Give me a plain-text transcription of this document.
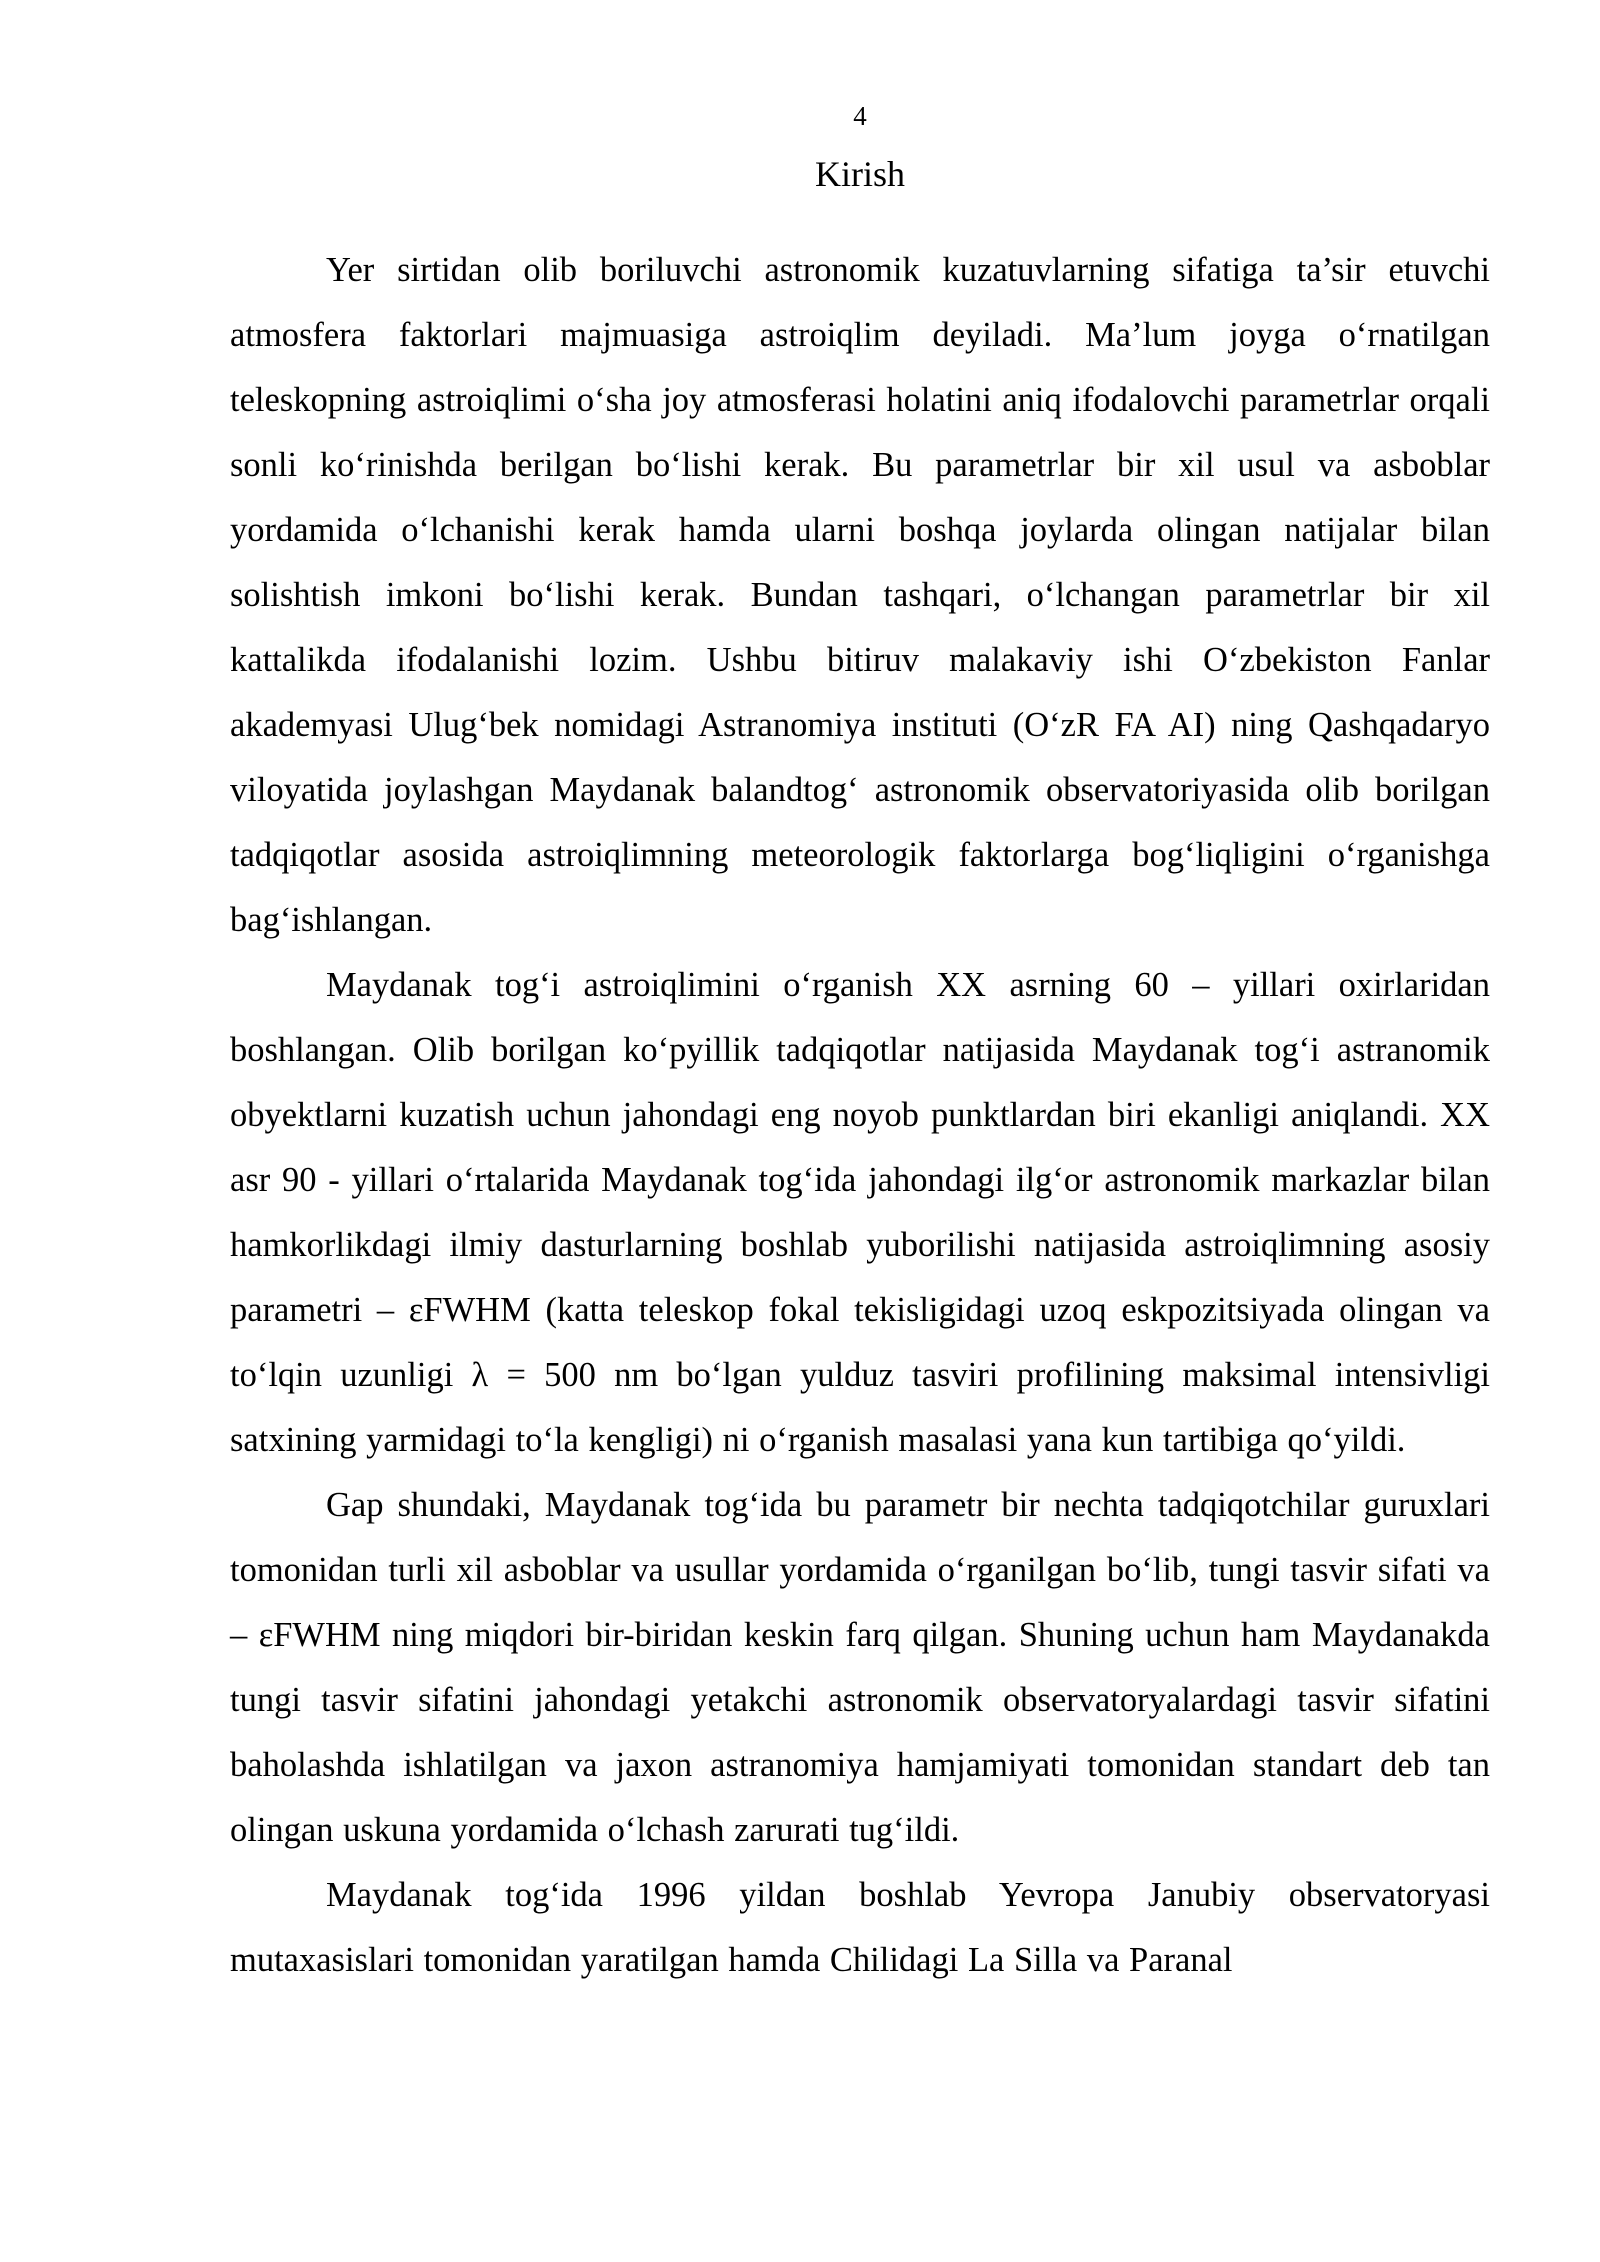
4
Kirish

Yer sirtidan olib boriluvchi astronomik kuzatuvlarning sifatiga ta’sir etuvchi atmosfera faktorlari majmuasiga astroiqlim deyiladi. Ma’lum joyga o‘rnatilgan teleskopning astroiqlimi o‘sha joy atmosferasi holatini aniq ifodalovchi parametrlar orqali sonli ko‘rinishda berilgan bo‘lishi kerak. Bu parametrlar bir xil usul va asboblar yordamida o‘lchanishi kerak hamda ularni boshqa joylarda olingan natijalar bilan solishtish imkoni bo‘lishi kerak. Bundan tashqari, o‘lchangan parametrlar bir xil kattalikda ifodalanishi lozim. Ushbu bitiruv malakaviy ishi O‘zbekiston Fanlar akademyasi Ulug‘bek nomidagi Astranomiya instituti (O‘zR FA AI) ning Qashqadaryo viloyatida joylashgan Maydanak balandtog‘ astronomik observatoriyasida olib borilgan tadqiqotlar asosida astroiqlimning meteorologik faktorlarga bog‘liqligini o‘rganishga bag‘ishlangan.

Maydanak tog‘i astroiqlimini o‘rganish XX asrning 60 – yillari oxirlaridan boshlangan. Olib borilgan ko‘pyillik tadqiqotlar natijasida Maydanak tog‘i astranomik obyektlarni kuzatish uchun jahondagi eng noyob punktlardan biri ekanligi aniqlandi. XX asr 90 - yillari o‘rtalarida Maydanak tog‘ida jahondagi ilg‘or astronomik markazlar bilan hamkorlikdagi ilmiy dasturlarning boshlab yuborilishi natijasida astroiqlimning asosiy parametri – εFWHM (katta teleskop fokal tekisligidagi uzoq eskpozitsiyada olingan va to‘lqin uzunligi λ = 500 nm bo‘lgan yulduz tasviri profilining maksimal intensivligi satxining yarmidagi to‘la kengligi) ni o‘rganish masalasi yana kun tartibiga qo‘yildi.

Gap shundaki, Maydanak tog‘ida bu parametr bir nechta tadqiqotchilar guruxlari tomonidan turli xil asboblar va usullar yordamida o‘rganilgan bo‘lib, tungi tasvir sifati va – εFWHM ning miqdori bir-biridan keskin farq qilgan. Shuning uchun ham Maydanakda tungi tasvir sifatini jahondagi yetakchi astronomik observatoryalardagi tasvir sifatini baholashda ishlatilgan va jaxon astranomiya hamjamiyati tomonidan standart deb tan olingan uskuna yordamida o‘lchash zarurati tug‘ildi.

Maydanak tog‘ida 1996 yildan boshlab Yevropa Janubiy observatoryasi mutaxasislari tomonidan yaratilgan hamda Chilidagi La Silla va Paranal
